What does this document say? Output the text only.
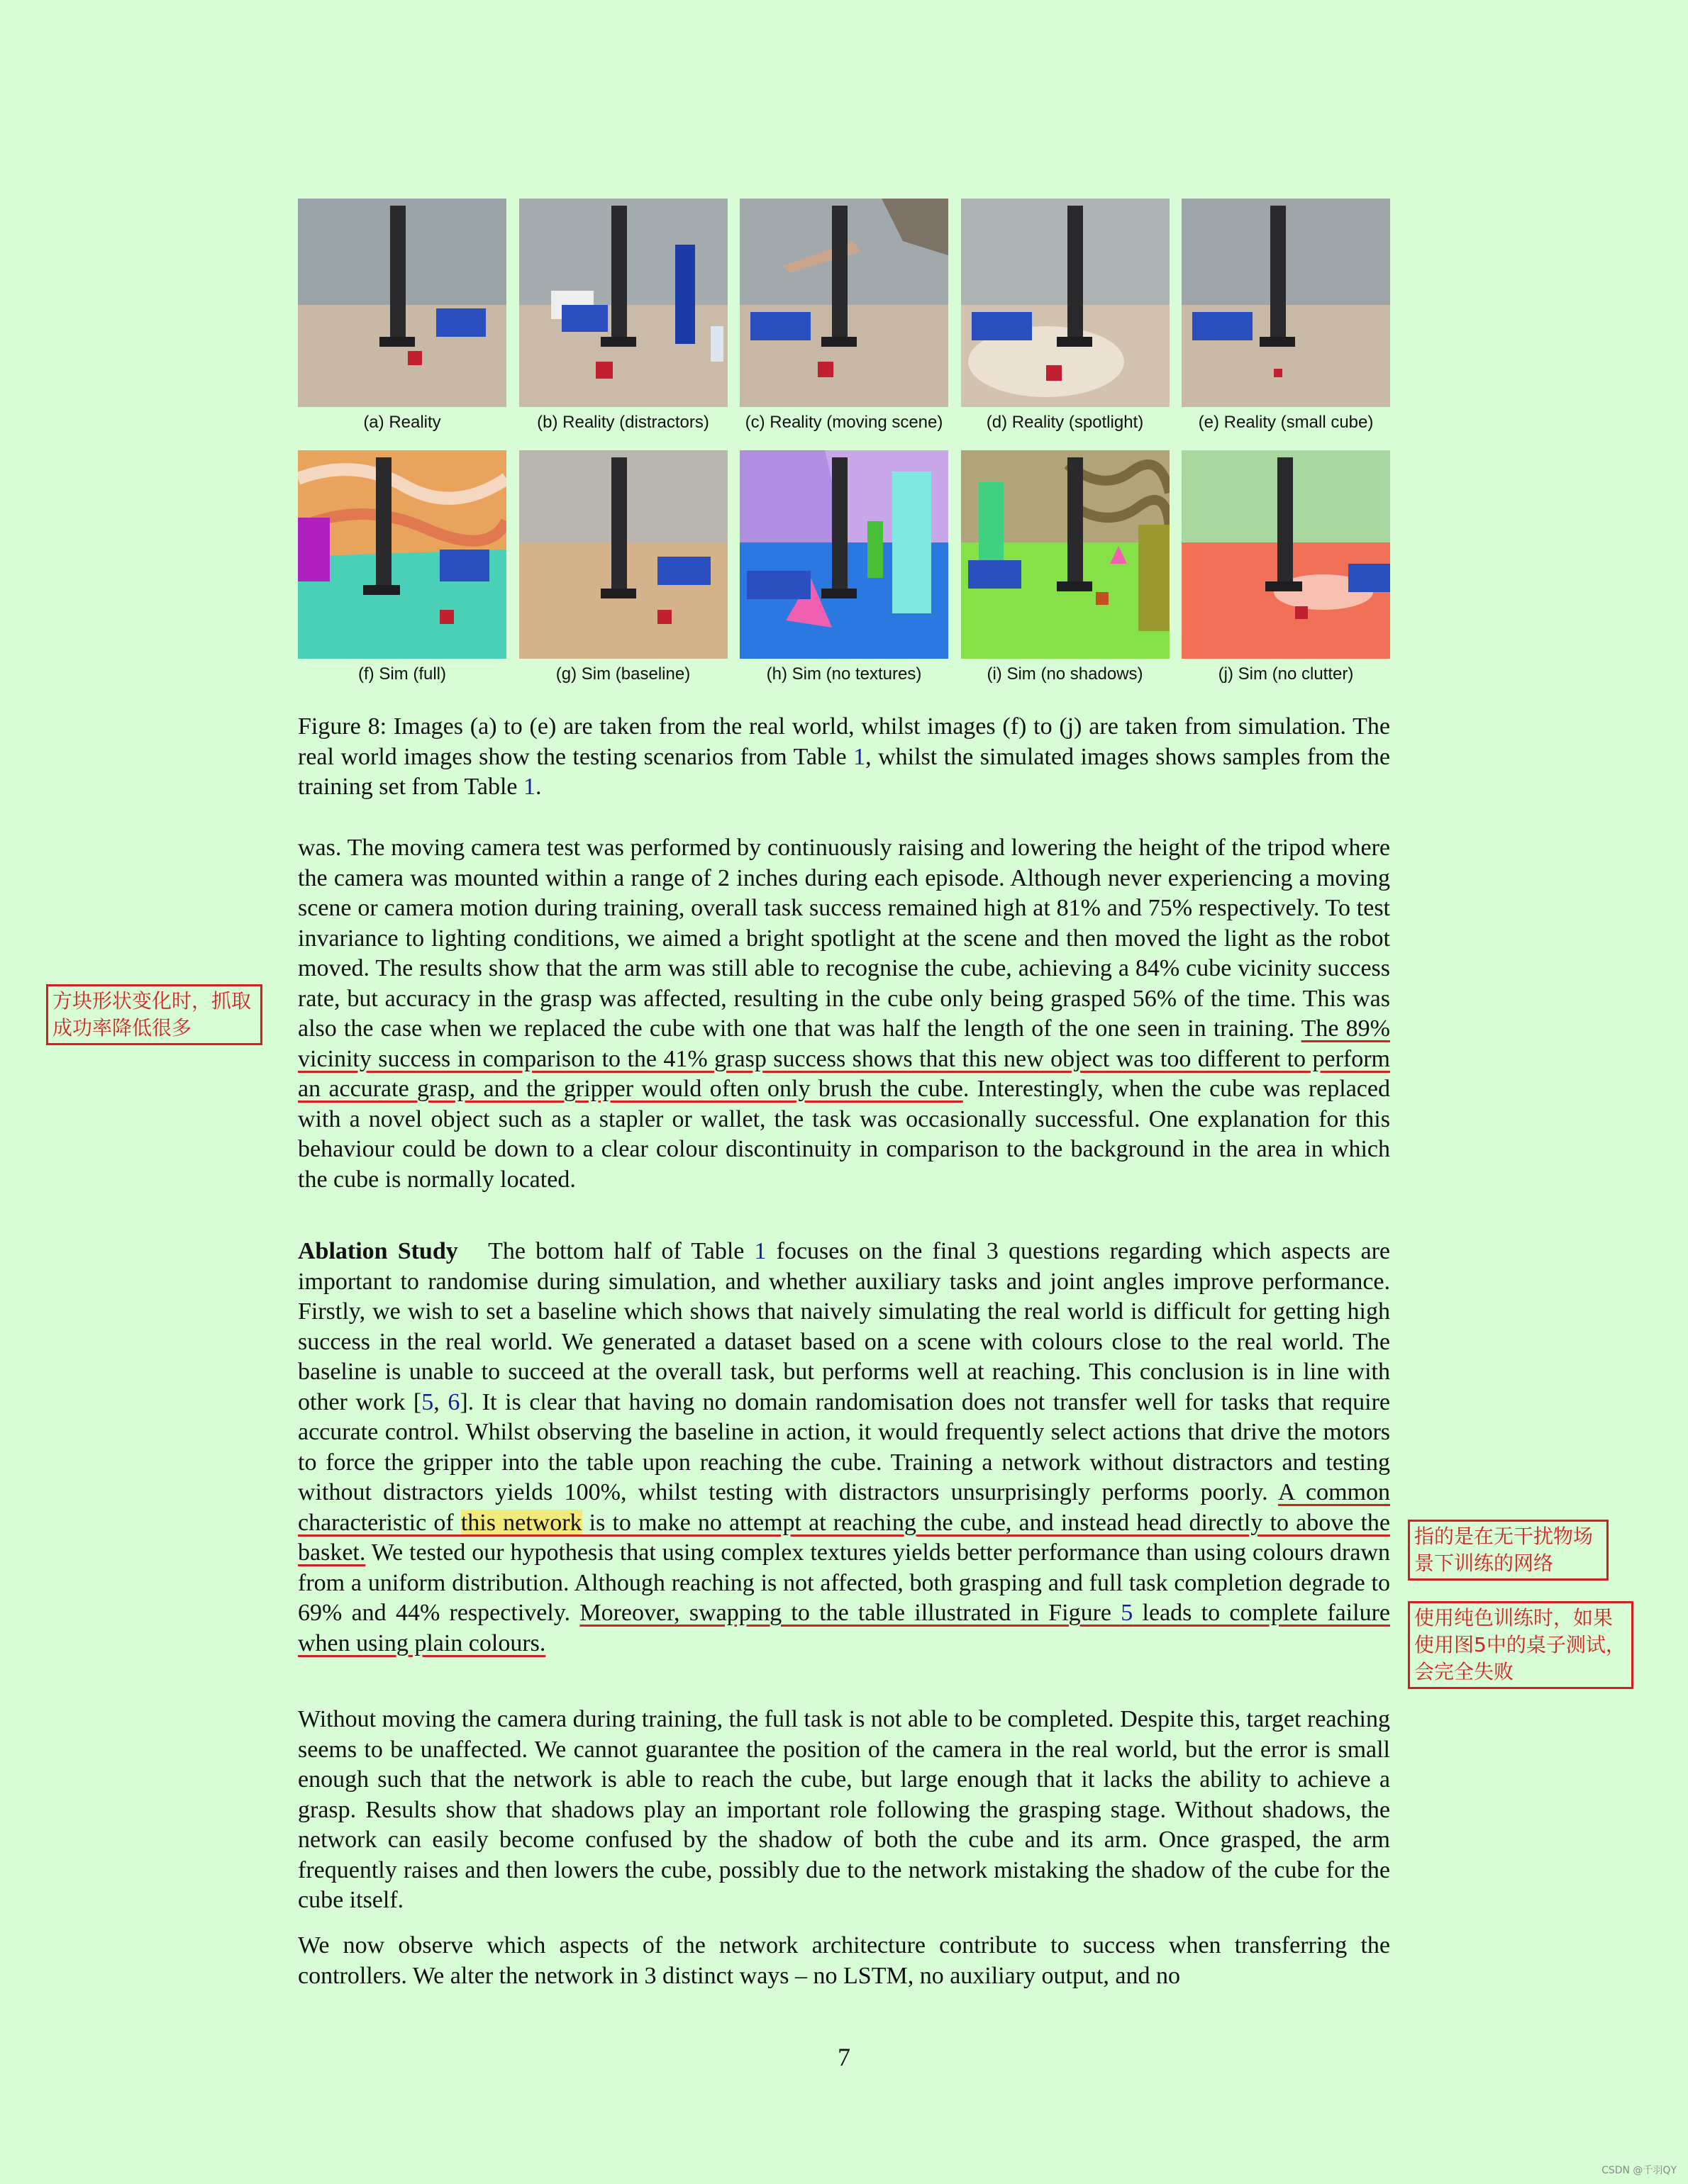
(a) Reality	(b) Reality (distractors) (c) Reality (moving scene)	(d) Reality (spotlight)	(e) Reality (small cube)
(f) Sim (full)	(g) Sim (baseline)	(h) Sim (no textures)	(i) Sim (no shadows)	(j) Sim (no clutter)

Figure 8: Images (a) to (e) are taken from the real world, whilst images (f) to (j) are taken from simulation. The real world images show the testing scenarios from Table 1, whilst the simulated images shows samples from the training set from Table 1.

was. The moving camera test was performed by continuously raising and lowering the height of the tripod where the camera was mounted within a range of 2 inches during each episode. Although never experiencing a moving scene or camera motion during training, overall task success remained high at 81% and 75% respectively. To test invariance to lighting conditions, we aimed a bright spotlight at the scene and then moved the light as the robot moved. The results show that the arm was still able to recognise the cube, achieving a 84% cube vicinity success rate, but accuracy in the grasp was affected, resulting in the cube only being grasped 56% of the time. This was also the case when we replaced the cube with one that was half the length of the one seen in training. The 89% vicinity success in comparison to the 41% grasp success shows that this new object was too different to perform an accurate grasp, and the gripper would often only brush the cube. Interestingly, when the cube was replaced with a novel object such as a stapler or wallet, the task was occasionally successful. One explanation for this behaviour could be down to a clear colour discontinuity in comparison to the background in the area in which the cube is normally located.

Ablation Study The bottom half of Table 1 focuses on the final 3 questions regarding which aspects are important to randomise during simulation, and whether auxiliary tasks and joint angles improve performance. Firstly, we wish to set a baseline which shows that naively simulating the real world is difficult for getting high success in the real world. We generated a dataset based on a scene with colours close to the real world. The baseline is unable to succeed at the overall task, but performs well at reaching. This conclusion is in line with other work [5, 6]. It is clear that having no domain randomisation does not transfer well for tasks that require accurate control. Whilst observing the baseline in action, it would frequently select actions that drive the motors to force the gripper into the table upon reaching the cube. Training a network without distractors and testing without distractors yields 100%, whilst testing with distractors unsurprisingly performs poorly. A common characteristic of this network is to make no attempt at reaching the cube, and instead head directly to above the basket. We tested our hypothesis that using complex textures yields better performance than using colours drawn from a uniform distribution. Although reaching is not affected, both grasping and full task completion degrade to 69% and 44% respectively. Moreover, swapping to the table illustrated in Figure 5 leads to complete failure when using plain colours.

Without moving the camera during training, the full task is not able to be completed. Despite this, target reaching seems to be unaffected. We cannot guarantee the position of the camera in the real world, but the error is small enough such that the network is able to reach the cube, but large enough that it lacks the ability to achieve a grasp. Results show that shadows play an important role following the grasping stage. Without shadows, the network can easily become confused by the shadow of both the cube and its arm. Once grasped, the arm frequently raises and then lowers the cube, possibly due to the network mistaking the shadow of the cube for the cube itself.

We now observe which aspects of the network architecture contribute to success when transferring the controllers. We alter the network in 3 distinct ways – no LSTM, no auxiliary output, and no

方块形状变化时，抓取成功率降低很多
指的是在无干扰物场景下训练的网络
使用纯色训练时，如果使用图5中的桌子测试，会完全失败
7
CSDN @千羽QY
